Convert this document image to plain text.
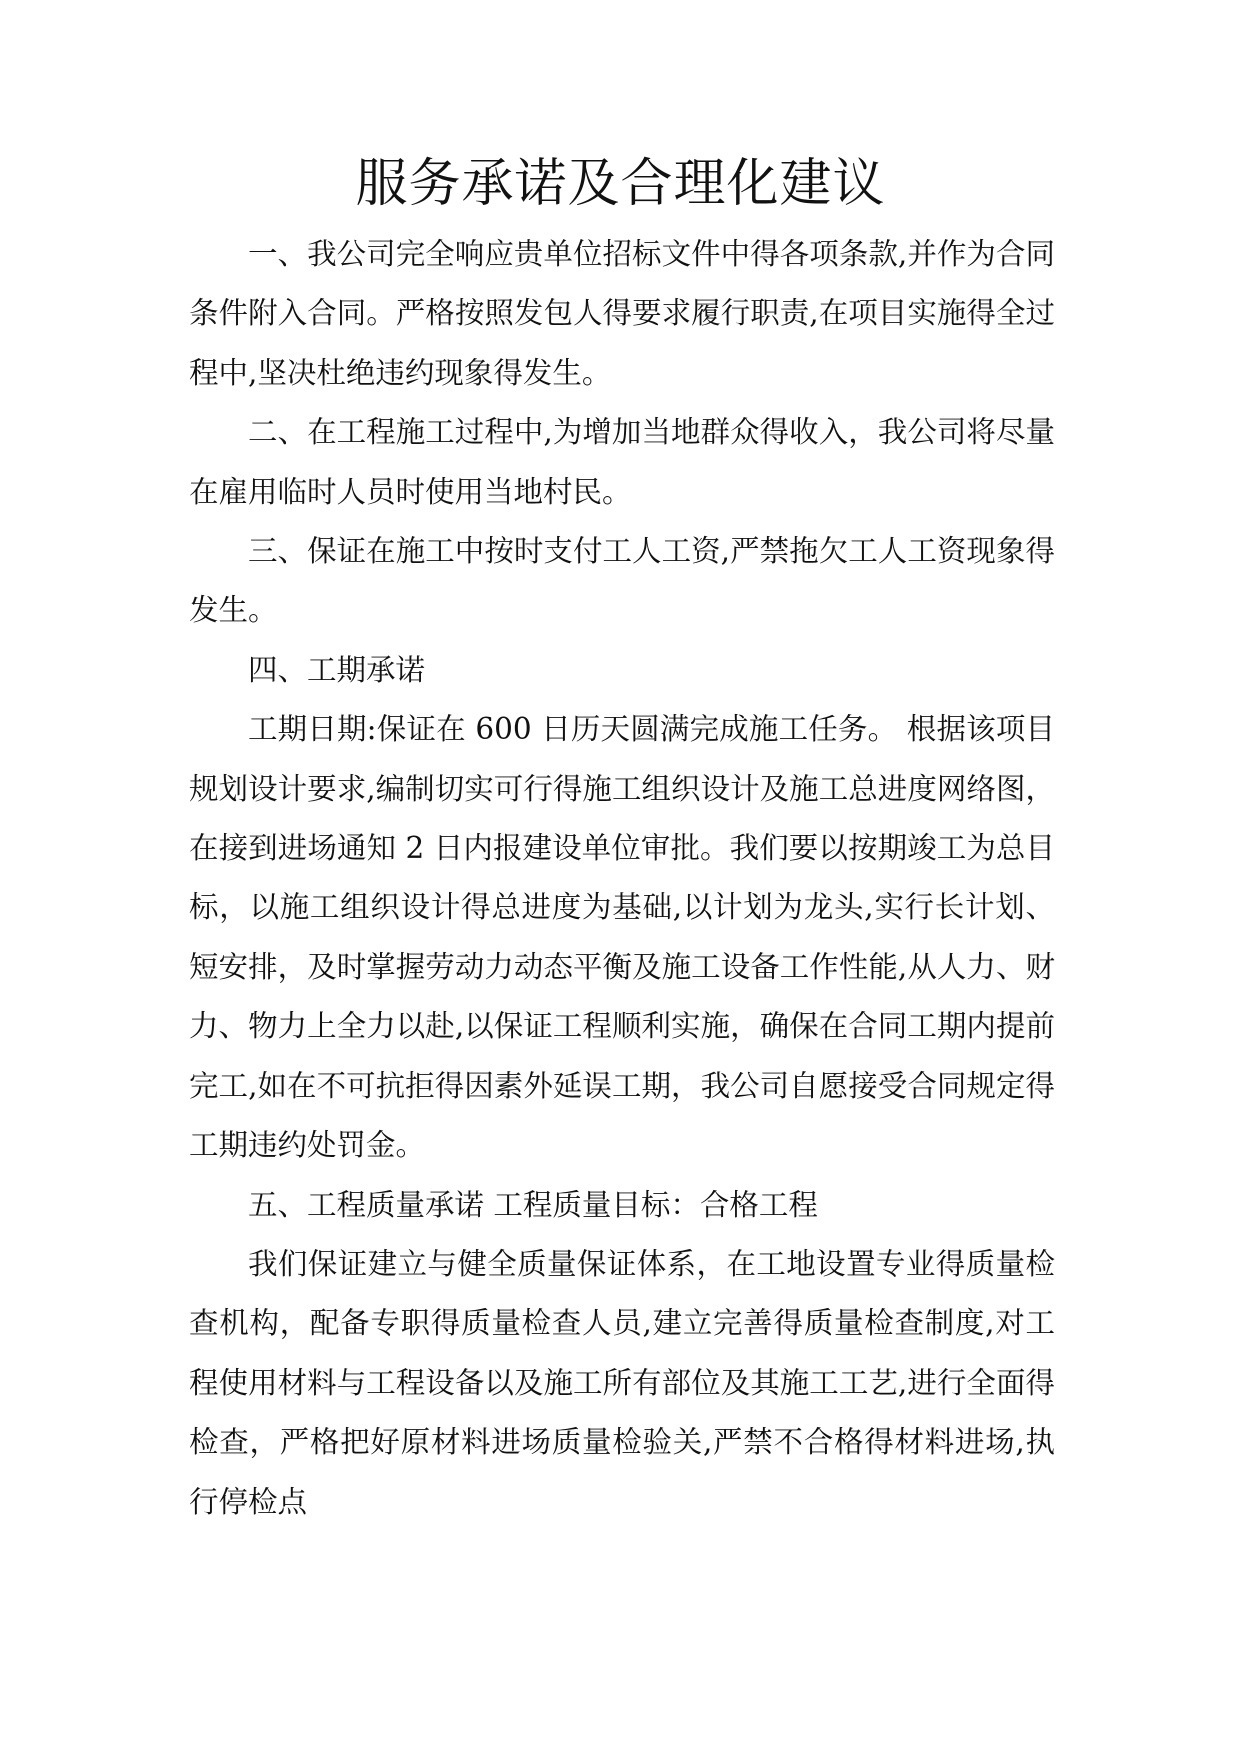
服务承诺及合理化建议

一、我公司完全响应贵单位招标文件中得各项条款,并作为合同条件附入合同。严格按照发包人得要求履行职责,在项目实施得全过程中,坚决杜绝违约现象得发生。

二、在工程施工过程中,为增加当地群众得收入，我公司将尽量在雇用临时人员时使用当地村民。

三、保证在施工中按时支付工人工资,严禁拖欠工人工资现象得发生。

四、工期承诺

工期日期:保证在 600 日历天圆满完成施工任务。 根据该项目规划设计要求,编制切实可行得施工组织设计及施工总进度网络图，在接到进场通知 2 日内报建设单位审批。我们要以按期竣工为总目标，以施工组织设计得总进度为基础,以计划为龙头,实行长计划、短安排，及时掌握劳动力动态平衡及施工设备工作性能,从人力、财力、物力上全力以赴,以保证工程顺利实施，确保在合同工期内提前完工,如在不可抗拒得因素外延误工期，我公司自愿接受合同规定得工期违约处罚金。

五、工程质量承诺 工程质量目标：合格工程

我们保证建立与健全质量保证体系，在工地设置专业得质量检查机构，配备专职得质量检查人员,建立完善得质量检查制度,对工程使用材料与工程设备以及施工所有部位及其施工工艺,进行全面得检查，严格把好原材料进场质量检验关,严禁不合格得材料进场,执行停检点
